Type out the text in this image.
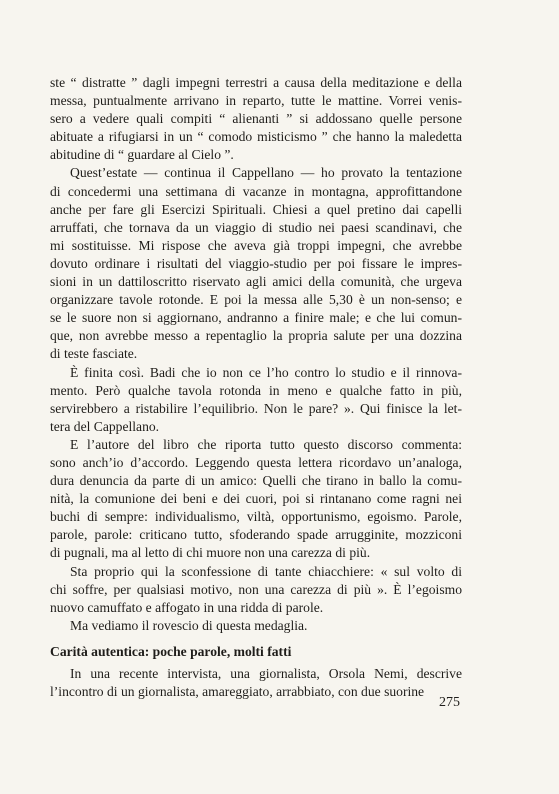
ste “ distratte ” dagli impegni terrestri a causa della meditazione e della
messa, puntualmente arrivano in reparto, tutte le mattine. Vorrei venis-
sero a vedere quali compiti “ alienanti ” si addossano quelle persone
abituate a rifugiarsi in un “ comodo misticismo ” che hanno la maledetta
abitudine di “ guardare al Cielo ”.
Quest’estate — continua il Cappellano — ho provato la tentazione
di concedermi una settimana di vacanze in montagna, approfittandone
anche per fare gli Esercizi Spirituali. Chiesi a quel pretino dai capelli
arruffati, che tornava da un viaggio di studio nei paesi scandinavi, che
mi sostituisse. Mi rispose che aveva già troppi impegni, che avrebbe
dovuto ordinare i risultati del viaggio-studio per poi fissare le impres-
sioni in un dattiloscritto riservato agli amici della comunità, che urgeva
organizzare tavole rotonde. E poi la messa alle 5,30 è un non-senso; e
se le suore non si aggiornano, andranno a finire male; e che lui comun-
que, non avrebbe messo a repentaglio la propria salute per una dozzina
di teste fasciate.
È finita così. Badi che io non ce l’ho contro lo studio e il rinnova-
mento. Però qualche tavola rotonda in meno e qualche fatto in più,
servirebbero a ristabilire l’equilibrio. Non le pare? ». Qui finisce la let-
tera del Cappellano.
E l’autore del libro che riporta tutto questo discorso commenta:
sono anch’io d’accordo. Leggendo questa lettera ricordavo un’analoga,
dura denuncia da parte di un amico: Quelli che tirano in ballo la comu-
nità, la comunione dei beni e dei cuori, poi si rintanano come ragni nei
buchi di sempre: individualismo, viltà, opportunismo, egoismo. Parole,
parole, parole: criticano tutto, sfoderando spade arrugginite, mozziconi
di pugnali, ma al letto di chi muore non una carezza di più.
Sta proprio qui la sconfessione di tante chiacchiere: « sul volto di
chi soffre, per qualsiasi motivo, non una carezza di più ». È l’egoismo
nuovo camuffato e affogato in una ridda di parole.
Ma vediamo il rovescio di questa medaglia.
Carità autentica: poche parole, molti fatti
In una recente intervista, una giornalista, Orsola Nemi, descrive
l’incontro di un giornalista, amareggiato, arrabbiato, con due suorine
275
